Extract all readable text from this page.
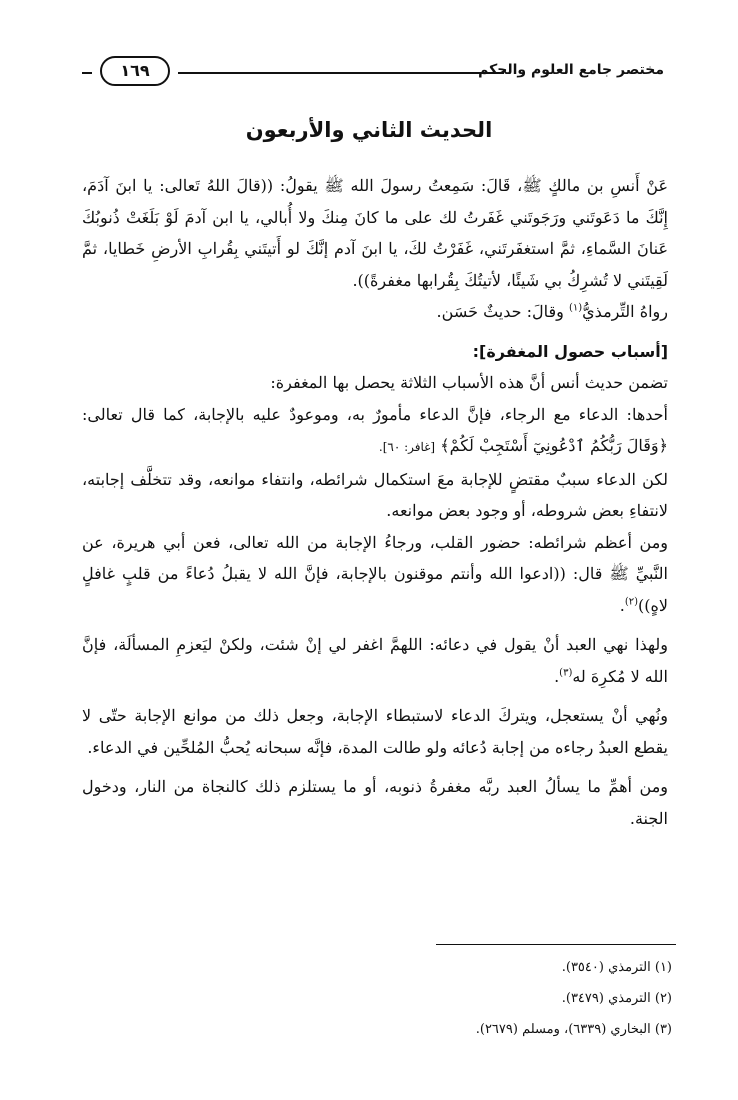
١٦٩	مختصر جامع العلوم والحكم ـ
الحديث الثاني والأربعون

عَنْ أَنسِ بن مالكٍ ﷺ، قَالَ: سَمِعتُ رسولَ الله ﷺ يقولُ: ((قالَ اللهُ تَعالى: يا ابنَ آدَمَ، إِنَّكَ ما دَعَوتَني ورَجَوتَني غَفَرتُ لك على ما كانَ مِنكَ ولا أُبالي، يا ابن آدمَ لَوْ بَلَغَتْ ذُنوبُكَ عَنانَ السَّماءِ، ثمَّ استغفَرتَني، غَفَرْتُ لكَ، يا ابنَ آدم إنَّكَ لو أَتيتَني بِقُرابِ الأرضِ خَطايا، ثمَّ لَقِيتَني لا تُشرِكُ بي شَيئًا، لأتيتُكَ بِقُرابها مغفرةً)).

رواهُ التِّرمذيُّ$^{(١)}$ وقالَ: حديثٌ حَسَن.

[أسباب حصول المغفرة]:

تضمن حديث أنس أنَّ هذه الأسباب الثلاثة يحصل بها المغفرة:

أحدها: الدعاء مع الرجاء، فإنَّ الدعاء مأمورٌ به، وموعودٌ عليه بالإجابة، كما قال تعالى: ﴿وَقَالَ رَبُّكُمُ ٱدْعُونِيٓ أَسْتَجِبْ لَكُمْ﴾ [غافر: ٦٠].

لكن الدعاء سببٌ مقتضٍ للإجابة معَ استكمال شرائطه، وانتفاء موانعه، وقد تتخلَّف إجابته، لانتفاءِ بعض شروطه، أو وجود بعض موانعه.

ومن أعظم شرائطه: حضور القلب، ورجاءُ الإجابة من الله تعالى، فعن أبي هريرة، عن النَّبيِّ ﷺ قال: ((ادعوا الله وأنتم موقنون بالإجابة، فإنَّ الله لا يقبلُ دُعاءً من قلبٍ غافلٍ لاهٍ))$^{(٢)}$.

ولهذا نهي العبد أنْ يقول في دعائه: اللهمَّ اغفر لي إنْ شئت، ولكنْ ليَعزمِ المسألَة، فإنَّ الله لا مُكرِهَ له$^{(٣)}$.

ونُهي أنْ يستعجل، ويتركَ الدعاء لاستبطاء الإجابة، وجعل ذلك من موانع الإجابة حتّى لا يقطع العبدُ رجاءه من إجابة دُعائه ولو طالت المدة، فإنَّه سبحانه يُحبُّ المُلحِّين في الدعاء.

ومن أهمِّ ما يسألُ العبد ربَّه مغفرةُ ذنوبه، أو ما يستلزم ذلك كالنجاة من النار، ودخول الجنة.

(١) الترمذي (٣٥٤٠).
(٢) الترمذي (٣٤٧٩).
(٣) البخاري (٦٣٣٩)، ومسلم (٢٦٧٩).
